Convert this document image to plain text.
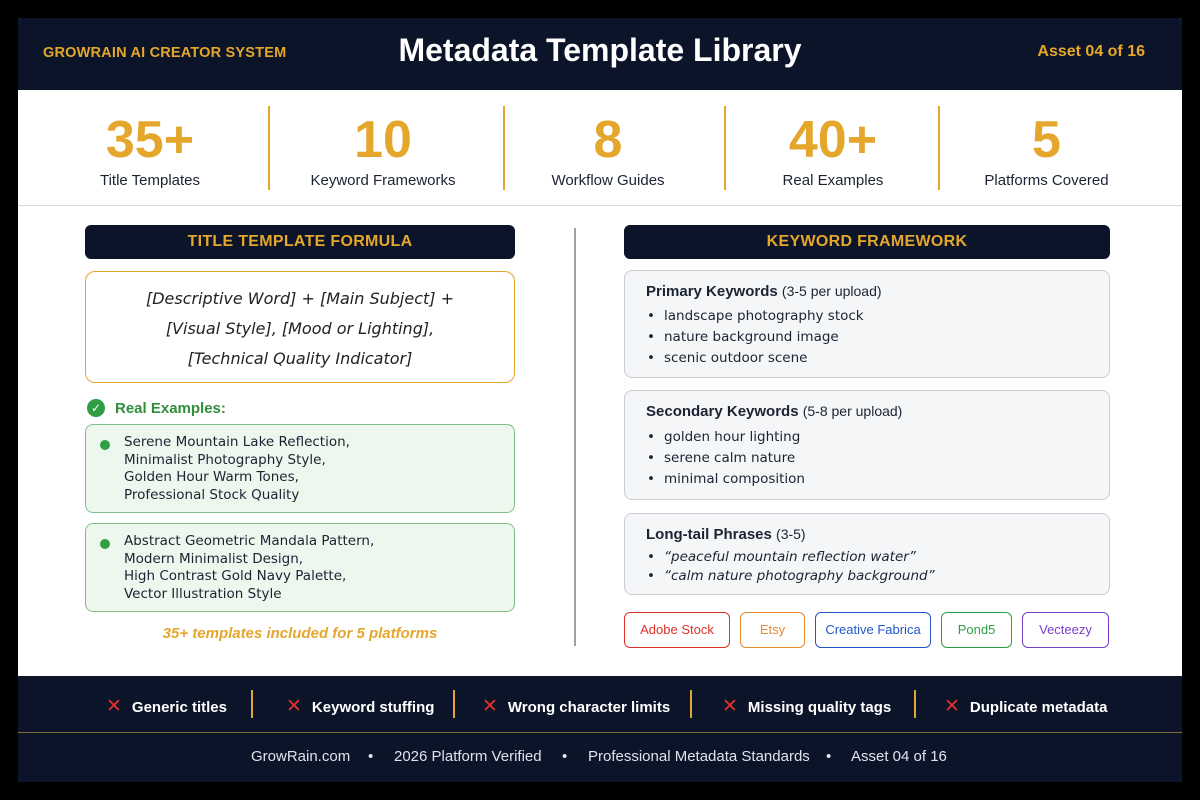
GROWRAIN AI CREATOR SYSTEM	Metadata Template Library	Asset 04 of 16
35+
Title Templates
10
Keyword Frameworks
8
Workflow Guides
40+
Real Examples
5
Platforms Covered
TITLE TEMPLATE FORMULA
[Descriptive Word] + [Main Subject] +
[Visual Style], [Mood or Lighting],
[Technical Quality Indicator]
✓ Real Examples:
Serene Mountain Lake Reflection,
Minimalist Photography Style,
Golden Hour Warm Tones,
Professional Stock Quality
Abstract Geometric Mandala Pattern,
Modern Minimalist Design,
High Contrast Gold Navy Palette,
Vector Illustration Style
35+ templates included for 5 platforms
KEYWORD FRAMEWORK
Primary Keywords (3-5 per upload)
• landscape photography stock
• nature background image
• scenic outdoor scene
Secondary Keywords (5-8 per upload)
• golden hour lighting
• serene calm nature
• minimal composition
Long-tail Phrases (3-5)
• “peaceful mountain reflection water”
• “calm nature photography background”
Adobe Stock	Etsy	Creative Fabrica	Pond5	Vecteezy
✕ Generic titles	✕ Keyword stuffing	✕ Wrong character limits	✕ Missing quality tags	✕ Duplicate metadata
GrowRain.com • 2026 Platform Verified • Professional Metadata Standards • Asset 04 of 16
